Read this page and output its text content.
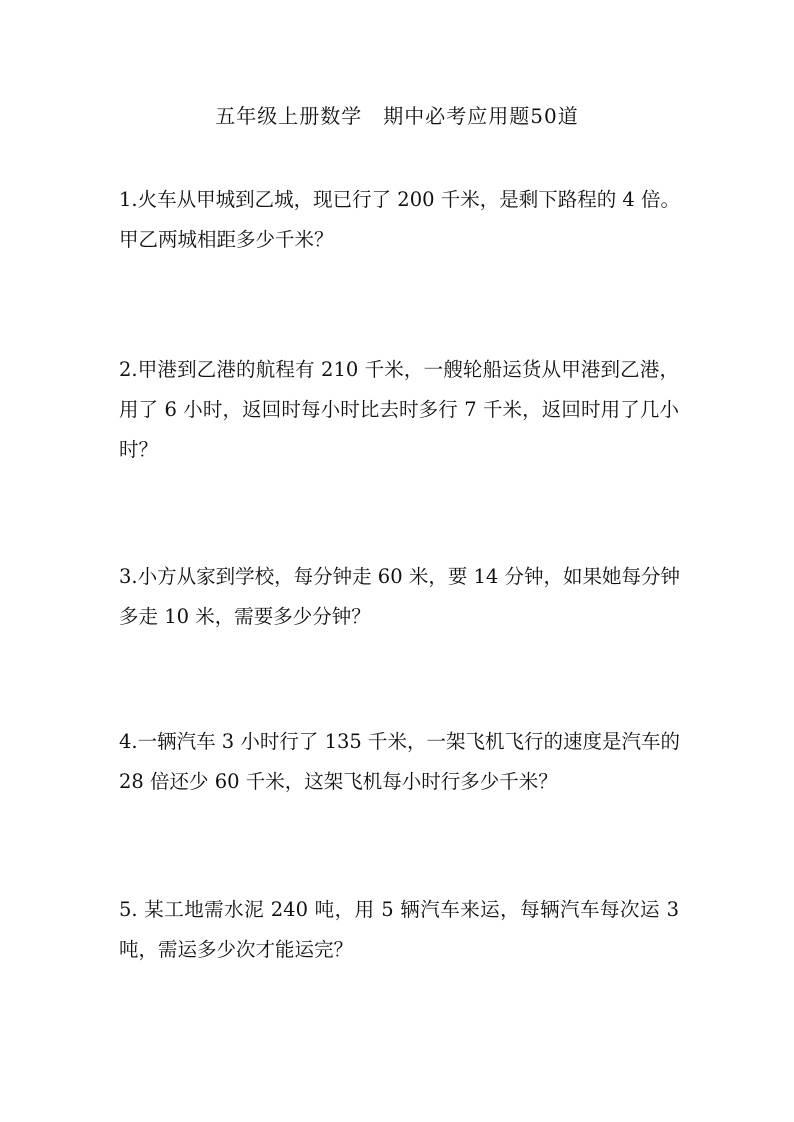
五年级上册数学　期中必考应用题50道
1.火车从甲城到乙城，现已行了 200 千米，是剩下路程的 4 倍。
甲乙两城相距多少千米？
2.甲港到乙港的航程有 210 千米，一艘轮船运货从甲港到乙港，
用了 6 小时，返回时每小时比去时多行 7 千米，返回时用了几小
时？
3.小方从家到学校，每分钟走 60 米，要 14 分钟，如果她每分钟
多走 10 米，需要多少分钟？
4.一辆汽车 3 小时行了 135 千米，一架飞机飞行的速度是汽车的
28 倍还少 60 千米，这架飞机每小时行多少千米？
5. 某工地需水泥 240 吨，用 5 辆汽车来运，每辆汽车每次运 3
吨，需运多少次才能运完？
